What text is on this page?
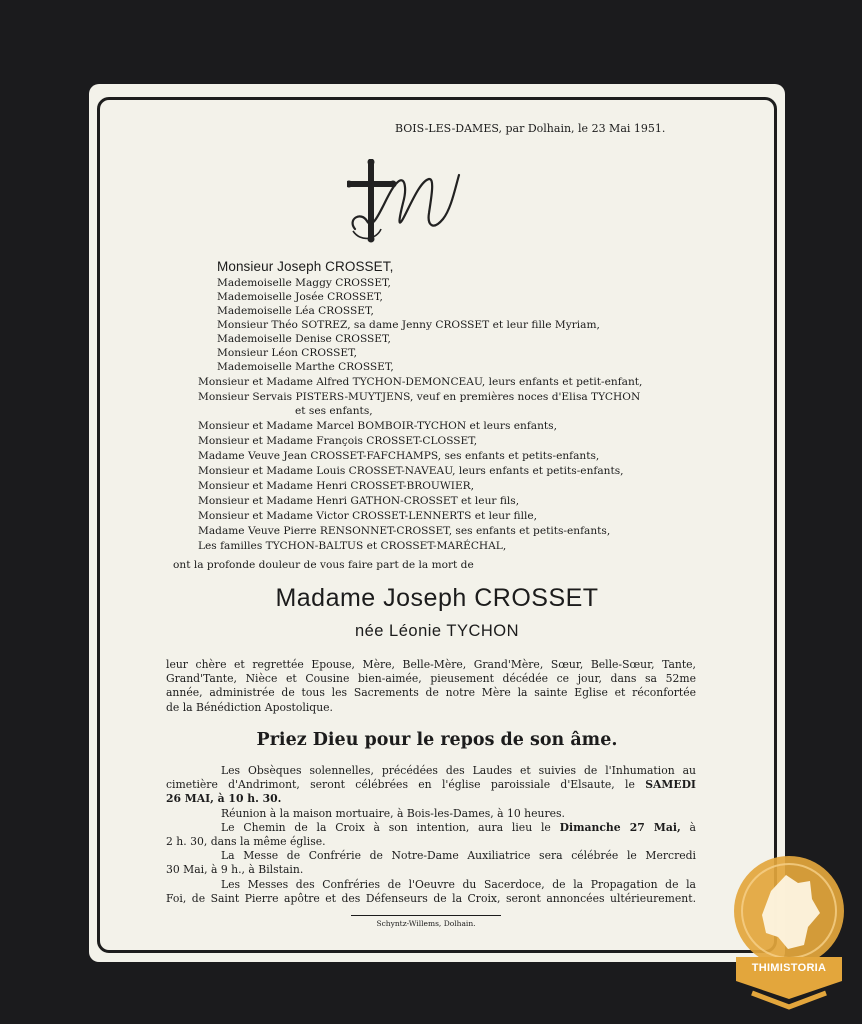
BOIS-LES-DAMES, par Dolhain, le 23 Mai 1951.
Monsieur Joseph CROSSET,
Mademoiselle Maggy CROSSET,
Mademoiselle Josée CROSSET,
Mademoiselle Léa CROSSET,
Monsieur Théo SOTREZ, sa dame Jenny CROSSET et leur fille Myriam,
Mademoiselle Denise CROSSET,
Monsieur Léon CROSSET,
Mademoiselle Marthe CROSSET,
Monsieur et Madame Alfred TYCHON-DEMONCEAU, leurs enfants et petit-enfant,
Monsieur Servais PISTERS-MUYTJENS, veuf en premières noces d'Elisa TYCHON
et ses enfants,
Monsieur et Madame Marcel BOMBOIR-TYCHON et leurs enfants,
Monsieur et Madame François CROSSET-CLOSSET,
Madame Veuve Jean CROSSET-FAFCHAMPS, ses enfants et petits-enfants,
Monsieur et Madame Louis CROSSET-NAVEAU, leurs enfants et petits-enfants,
Monsieur et Madame Henri CROSSET-BROUWIER,
Monsieur et Madame Henri GATHON-CROSSET et leur fils,
Monsieur et Madame Victor CROSSET-LENNERTS et leur fille,
Madame Veuve Pierre RENSONNET-CROSSET, ses enfants et petits-enfants,
Les familles TYCHON-BALTUS et CROSSET-MARÉCHAL,
ont la profonde douleur de vous faire part de la mort de
Madame Joseph CROSSET
née Léonie TYCHON
leur chère et regrettée Epouse, Mère, Belle-Mère, Grand'Mère, Sœur, Belle-Sœur, Tante,
Grand'Tante, Nièce et Cousine bien-aimée, pieusement décédée ce jour, dans sa 52me
année, administrée de tous les Sacrements de notre Mère la sainte Eglise et réconfortée
de la Bénédiction Apostolique.
Priez Dieu pour le repos de son âme.
Les Obsèques solennelles, précédées des Laudes et suivies de l'Inhumation au
cimetière d'Andrimont, seront célébrées en l'église paroissiale d'Elsaute, le SAMEDI
26 MAI, à 10 h. 30.
Réunion à la maison mortuaire, à Bois-les-Dames, à 10 heures.
Le Chemin de la Croix à son intention, aura lieu le Dimanche 27 Mai, à
2 h. 30, dans la même église.
La Messe de Confrérie de Notre-Dame Auxiliatrice sera célébrée le Mercredi
30 Mai, à 9 h., à Bilstain.
Les Messes des Confréries de l'Oeuvre du Sacerdoce, de la Propagation de la
Foi, de Saint Pierre apôtre et des Défenseurs de la Croix, seront annoncées ultérieurement.
Schyntz-Willems, Dolhain.
THIMISTORIA
